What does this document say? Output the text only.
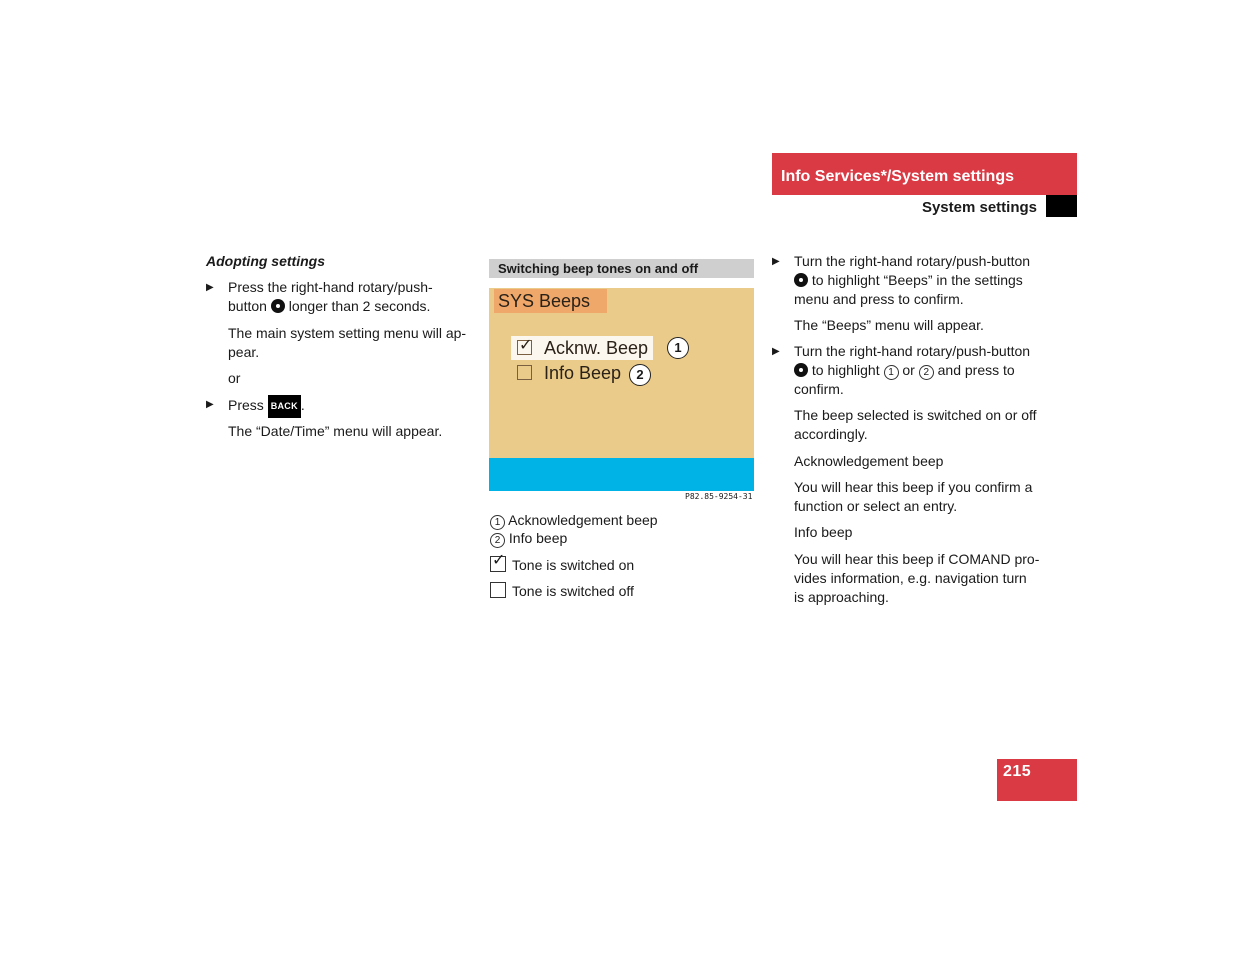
Info Services*/System settings
System settings
Adopting settings
▶	Press the right-hand rotary/push-
button longer than 2 seconds.
The main system setting menu will ap-
pear.
or
▶	Press BACK .
The “Date/Time” menu will appear.
Switching beep tones on and off
SYS Beeps
✓Acknw. Beep	1
Info Beep	2
P82.85-9254-31
1 Acknowledgement beep
2 Info beep
✓Tone is switched on
Tone is switched off
▶	Turn the right-hand rotary/push-button
to highlight “Beeps” in the settings
menu and press to confirm.
The “Beeps” menu will appear.
▶	Turn the right-hand rotary/push-button
to highlight 1 or 2 and press to
confirm.
The beep selected is switched on or off
accordingly.
Acknowledgement beep
You will hear this beep if you confirm a
function or select an entry.
Info beep
You will hear this beep if COMAND pro-
vides information, e.g. navigation turn
is approaching.
215
